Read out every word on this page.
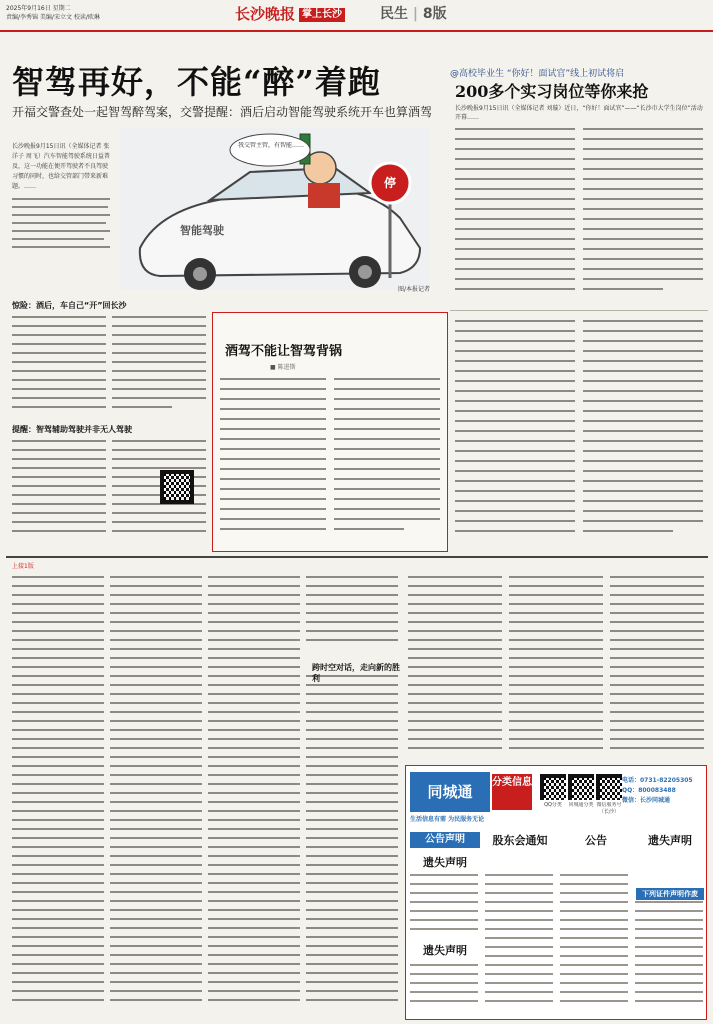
2025年9月16日 星期二
责编/李秀锦 美编/宋立文 校读/欧琳	长沙晚报 掌上长沙	民生 | 8版
智驾再好，不能“醉”着跑
开福交警查处一起智驾醉驾案，交警提醒：酒后启动智能驾驶系统开车也算酒驾
长沙晚报9月15日讯（全媒体记者 张洋子 周飞）汽车智能驾驶系统日益普及，这一功能在便开驾驶者不良驾驶习惯的同时，也给交管部门带来新难题。……

	停
我交管主管，有智能……
智能驾驶
图/本报记者
@高校毕业生 “你好！面试官”线上初试将启
200多个实习岗位等你来抢
长沙晚报9月15日讯（全媒体记者 刘璇）近日，“你好！面试官”——“长沙市大学生岗位”活动开幕……
惊险：酒后，车自己“开”回长沙
提醒：智驾辅助驾驶并非无人驾驶
酒驾不能让智驾背锅
■ 陈进斯
上接1版
跨时空对话，走向新的胜利
同城通
分类信息
生活信息有需 为民服务无论
QQ分类	同城通分类 微信服务号（长沙）
电话：0731-82205305
QQ：800083488
微信：长沙同城通
公告声明
遗失声明
遗失声明
股东会通知	公告	遗失声明
下列证件声明作废
